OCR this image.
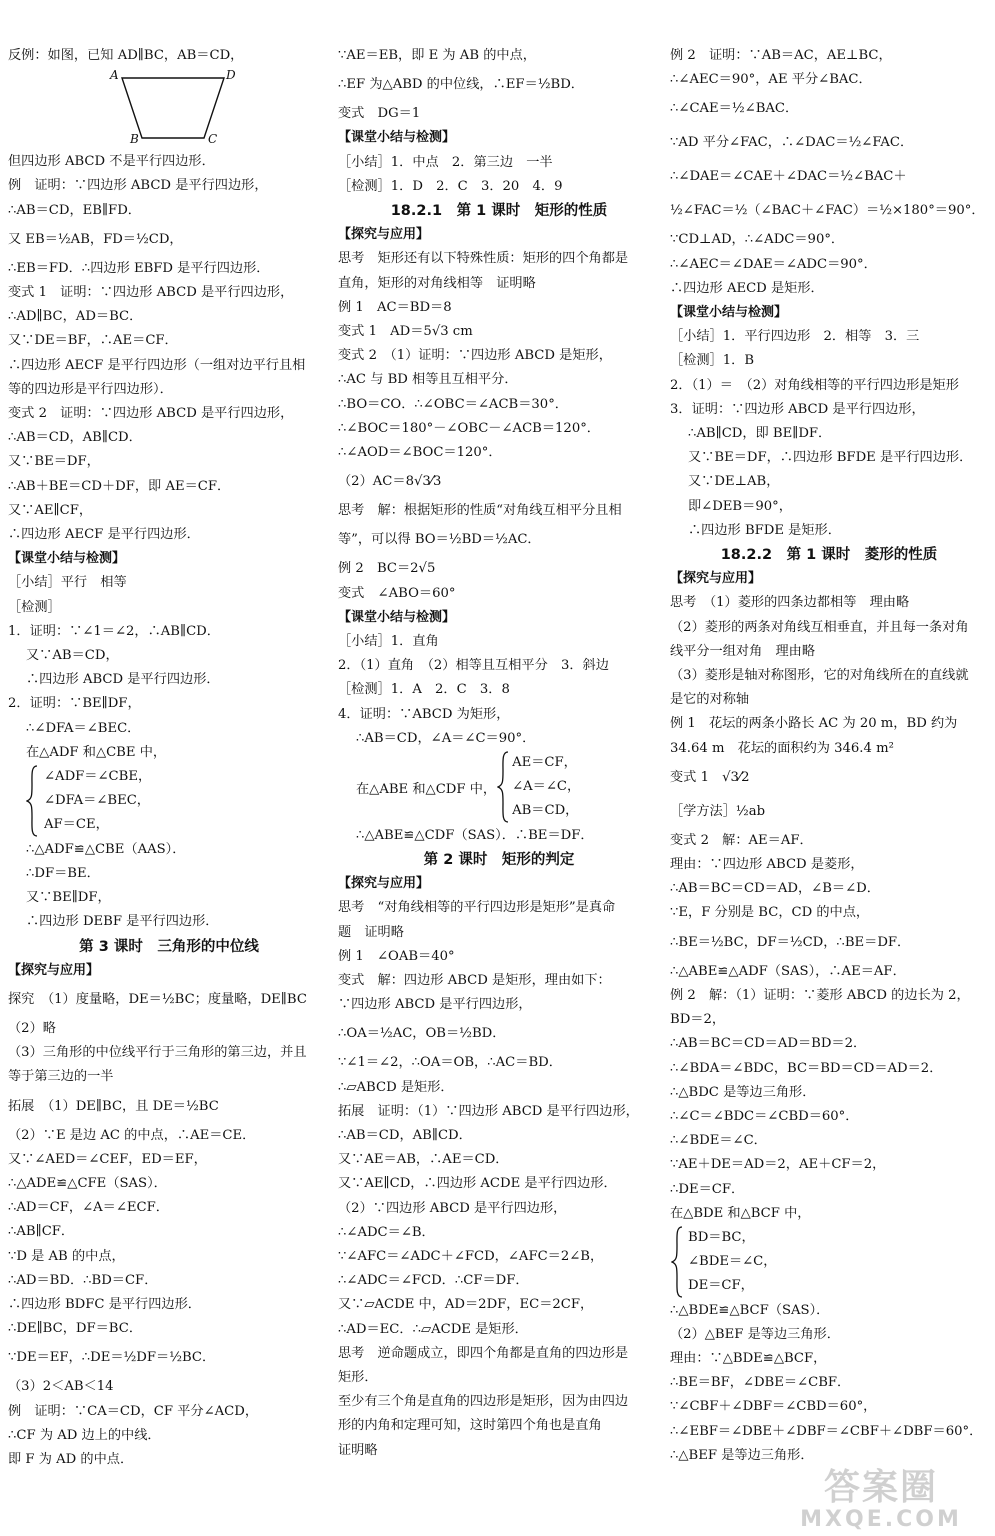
反例：如图，已知 AD∥BC，AB＝CD，
A	D
B	C
但四边形 ABCD 不是平行四边形．
例　证明：∵四边形 ABCD 是平行四边形，
∴AB＝CD，EB∥FD．
又 EB＝½AB，FD＝½CD，
∴EB＝FD．∴四边形 EBFD 是平行四边形．
变式 1　证明：∵四边形 ABCD 是平行四边形，
∴AD∥BC，AD＝BC．
又∵DE＝BF，∴AE＝CF．
∴四边形 AECF 是平行四边形（一组对边平行且相
等的四边形是平行四边形）．
变式 2　证明：∵四边形 ABCD 是平行四边形，
∴AB＝CD，AB∥CD．
又∵BE＝DF，
∴AB＋BE＝CD＋DF，即 AE＝CF．
又∵AE∥CF，
∴四边形 AECF 是平行四边形．
【课堂小结与检测】
［小结］平行　相等
［检测］
1．证明：∵∠1＝∠2，∴AB∥CD．
又∵AB＝CD，
∴四边形 ABCD 是平行四边形．
2．证明：∵BE∥DF，
∴∠DFA＝∠BEC．
在△ADF 和△CBE 中，
∠ADF＝∠CBE，
∠DFA＝∠BEC，
AF＝CE，
∴△ADF≌△CBE（AAS）．
∴DF＝BE．
又∵BE∥DF，
∴四边形 DEBF 是平行四边形．
第 3 课时　三角形的中位线
【探究与应用】
探究　（1）度量略，DE＝½BC；度量略，DE∥BC
（2）略
（3）三角形的中位线平行于三角形的第三边，并且
等于第三边的一半
拓展　（1）DE∥BC，且 DE＝½BC
（2）∵E 是边 AC 的中点，∴AE＝CE．
又∵∠AED＝∠CEF，ED＝EF，
∴△ADE≌△CFE（SAS）．
∴AD＝CF，∠A＝∠ECF．
∴AB∥CF．
∵D 是 AB 的中点，
∴AD＝BD．∴BD＝CF．
∴四边形 BDFC 是平行四边形．
∴DE∥BC，DF＝BC．
∵DE＝EF，∴DE＝½DF＝½BC．
（3）2＜AB＜14
例　证明：∵CA＝CD，CF 平分∠ACD，
∴CF 为 AD 边上的中线．
即 F 为 AD 的中点．
∵AE＝EB，即 E 为 AB 的中点，
∴EF 为△ABD 的中位线，∴EF＝½BD．
变式　DG＝1
【课堂小结与检测】
［小结］1．中点　2．第三边　一半
［检测］1．D　2．C　3．20　4．9
18.2.1　第 1 课时　矩形的性质
【探究与应用】
思考　矩形还有以下特殊性质：矩形的四个角都是
直角，矩形的对角线相等　证明略
例 1　AC＝BD＝8
变式 1　AD＝5√3 cm
变式 2　（1）证明：∵四边形 ABCD 是矩形，
∴AC 与 BD 相等且互相平分．
∴BO＝CO．∴∠OBC＝∠ACB＝30°．
∴∠BOC＝180°－∠OBC－∠ACB＝120°．
∴∠AOD＝∠BOC＝120°．
（2）AC＝8√3⁄3
思考　解：根据矩形的性质“对角线互相平分且相
等”，可以得 BO＝½BD＝½AC．
例 2　BC＝2√5
变式　∠ABO＝60°
【课堂小结与检测】
［小结］1．直角
2．（1）直角　（2）相等且互相平分　3．斜边
［检测］1．A　2．C　3．8
4．证明：∵ABCD 为矩形，
∴AB＝CD，∠A＝∠C＝90°．
在△ABE 和△CDF 中，
AE＝CF，
∠A＝∠C，
AB＝CD，
∴△ABE≌△CDF（SAS）．∴BE＝DF．
第 2 课时　矩形的判定
【探究与应用】
思考　“对角线相等的平行四边形是矩形”是真命
题　证明略
例 1　∠OAB＝40°
变式　解：四边形 ABCD 是矩形，理由如下：
∵四边形 ABCD 是平行四边形，
∴OA＝½AC，OB＝½BD．
∵∠1＝∠2，∴OA＝OB，∴AC＝BD．
∴▱ABCD 是矩形．
拓展　证明：（1）∵四边形 ABCD 是平行四边形，
∴AB＝CD，AB∥CD．
又∵AE＝AB，∴AE＝CD．
又∵AE∥CD，∴四边形 ACDE 是平行四边形．
（2）∵四边形 ABCD 是平行四边形，
∴∠ADC＝∠B．
∵∠AFC＝∠ADC＋∠FCD，∠AFC＝2∠B，
∴∠ADC＝∠FCD．∴CF＝DF．
又∵▱ACDE 中，AD＝2DF，EC＝2CF，
∴AD＝EC．∴▱ACDE 是矩形．
思考　逆命题成立，即四个角都是直角的四边形是
矩形．
至少有三个角是直角的四边形是矩形，因为由四边
形的内角和定理可知，这时第四个角也是直角
证明略
例 2　证明：∵AB＝AC，AE⊥BC，
∴∠AEC＝90°，AE 平分∠BAC．
∴∠CAE＝½∠BAC．
∵AD 平分∠FAC，∴∠DAC＝½∠FAC．
∴∠DAE＝∠CAE＋∠DAC＝½∠BAC＋
½∠FAC＝½（∠BAC＋∠FAC）＝½×180°＝90°．
∵CD⊥AD，∴∠ADC＝90°．
∴∠AEC＝∠DAE＝∠ADC＝90°．
∴四边形 AECD 是矩形．
【课堂小结与检测】
［小结］1．平行四边形　2．相等　3．三
［检测］1．B
2．（1）＝　（2）对角线相等的平行四边形是矩形
3．证明：∵四边形 ABCD 是平行四边形，
∴AB∥CD，即 BE∥DF．
又∵BE＝DF，∴四边形 BFDE 是平行四边形．
又∵DE⊥AB，
即∠DEB＝90°，
∴四边形 BFDE 是矩形．
18.2.2　第 1 课时　菱形的性质
【探究与应用】
思考　（1）菱形的四条边都相等　理由略
（2）菱形的两条对角线互相垂直，并且每一条对角
线平分一组对角　理由略
（3）菱形是轴对称图形，它的对角线所在的直线就
是它的对称轴
例 1　花坛的两条小路长 AC 为 20 m，BD 约为
34.64 m　花坛的面积约为 346.4 m²
变式 1　√3⁄2
［学方法］½ab
变式 2　解：AE＝AF．
理由：∵四边形 ABCD 是菱形，
∴AB＝BC＝CD＝AD，∠B＝∠D．
∵E，F 分别是 BC，CD 的中点，
∴BE＝½BC，DF＝½CD，∴BE＝DF．
∴△ABE≌△ADF（SAS），∴AE＝AF．
例 2　解：（1）证明：∵菱形 ABCD 的边长为 2，
BD＝2，
∴AB＝BC＝CD＝AD＝BD＝2．
∴∠BDA＝∠BDC，BC＝BD＝CD＝AD＝2．
∴△BDC 是等边三角形．
∴∠C＝∠BDC＝∠CBD＝60°．
∴∠BDE＝∠C．
∵AE＋DE＝AD＝2，AE＋CF＝2，
∴DE＝CF．
在△BDE 和△BCF 中，
BD＝BC，
∠BDE＝∠C，
DE＝CF，
∴△BDE≌△BCF（SAS）．
（2）△BEF 是等边三角形．
理由：∵△BDE≌△BCF，
∴BE＝BF，∠DBE＝∠CBF．
∵∠CBF＋∠DBF＝∠CBD＝60°，
∴∠EBF＝∠DBE＋∠DBF＝∠CBF＋∠DBF＝60°．
∴△BEF 是等边三角形．
答案圈
MXQE.COM
